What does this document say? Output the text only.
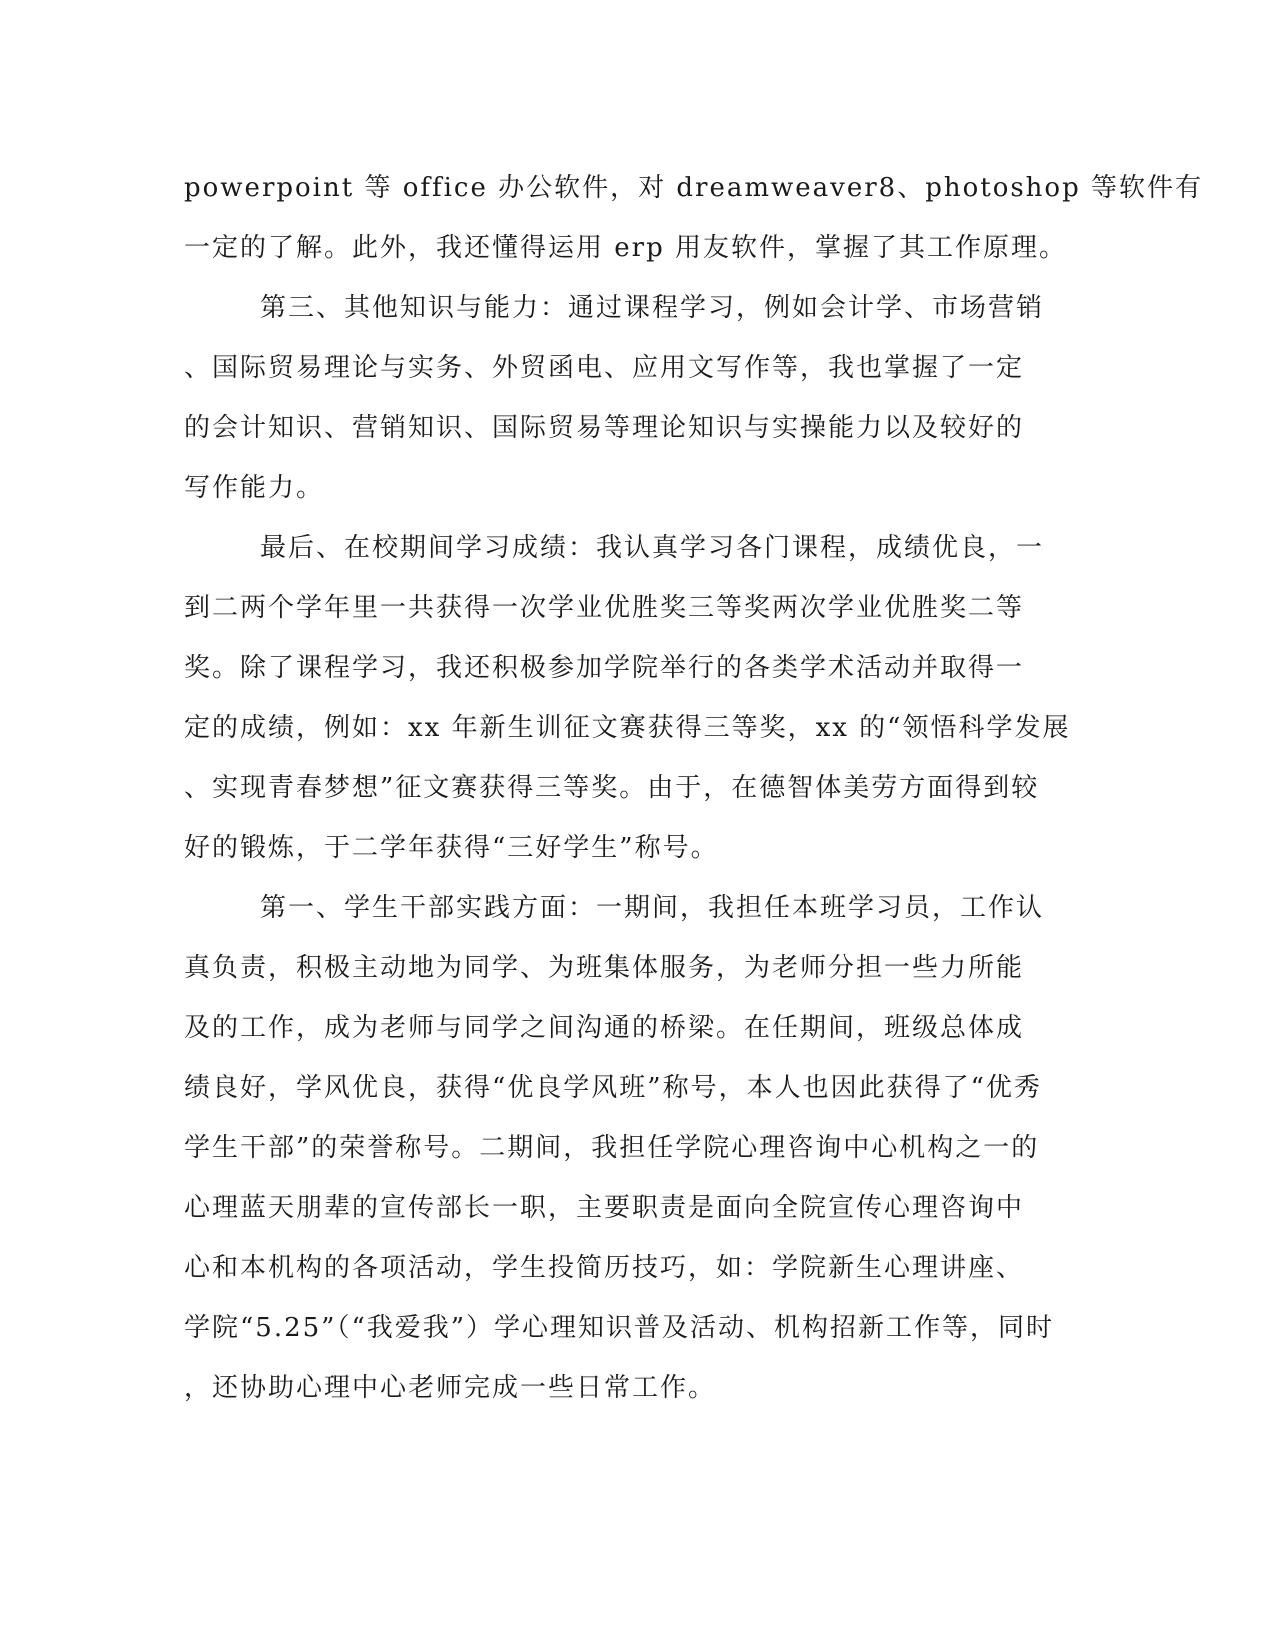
powerpoint 等 office 办公软件，对 dreamweaver8、photoshop 等软件有
一定的了解。此外，我还懂得运用 erp 用友软件，掌握了其工作原理。
第三、其他知识与能力：通过课程学习，例如会计学、市场营销
、国际贸易理论与实务、外贸函电、应用文写作等，我也掌握了一定
的会计知识、营销知识、国际贸易等理论知识与实操能力以及较好的
写作能力。
最后、在校期间学习成绩：我认真学习各门课程，成绩优良，一
到二两个学年里一共获得一次学业优胜奖三等奖两次学业优胜奖二等
奖。除了课程学习，我还积极参加学院举行的各类学术活动并取得一
定的成绩，例如：xx 年新生训征文赛获得三等奖，xx 的“领悟科学发展
、实现青春梦想”征文赛获得三等奖。由于，在德智体美劳方面得到较
好的锻炼，于二学年获得“三好学生”称号。
第一、学生干部实践方面：一期间，我担任本班学习员，工作认
真负责，积极主动地为同学、为班集体服务，为老师分担一些力所能
及的工作，成为老师与同学之间沟通的桥梁。在任期间，班级总体成
绩良好，学风优良，获得“优良学风班”称号，本人也因此获得了“优秀
学生干部”的荣誉称号。二期间，我担任学院心理咨询中心机构之一的
心理蓝天朋辈的宣传部长一职，主要职责是面向全院宣传心理咨询中
心和本机构的各项活动，学生投简历技巧，如：学院新生心理讲座、
学院“5.25”（“我爱我”）学心理知识普及活动、机构招新工作等，同时
，还协助心理中心老师完成一些日常工作。
